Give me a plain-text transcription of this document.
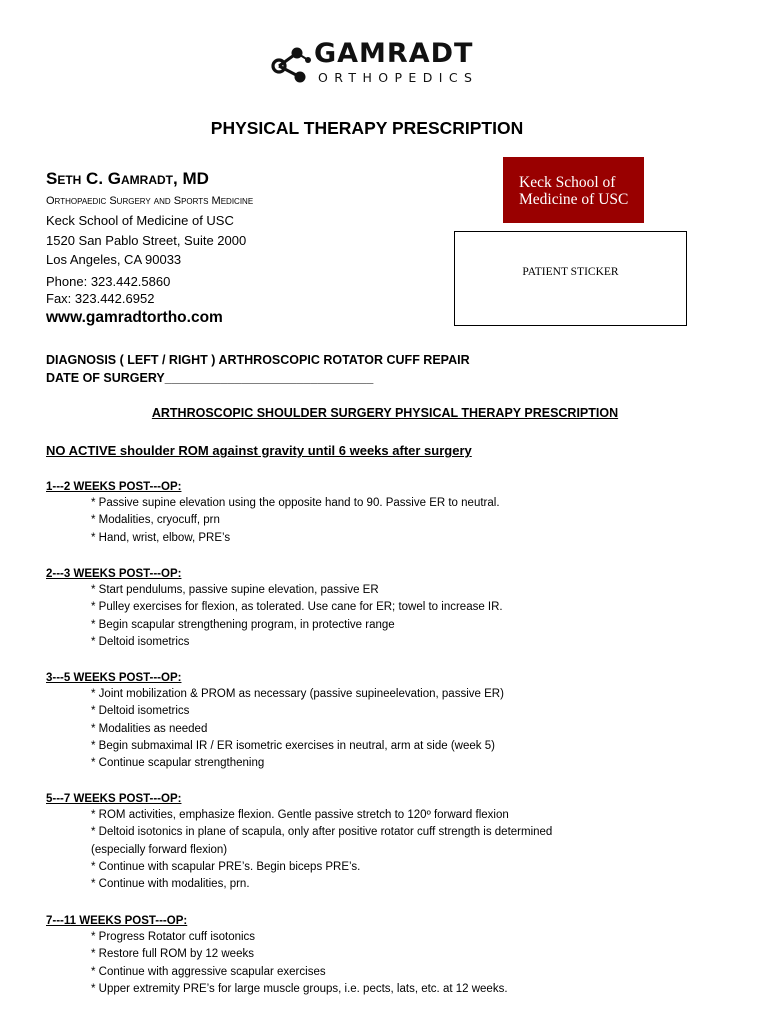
GAMRADT
ORTHOPEDICS
PHYSICAL THERAPY PRESCRIPTION
Seth C. Gamradt, MD
Orthopaedic Surgery and Sports Medicine
Keck School of Medicine of USC
1520 San Pablo Street, Suite 2000
Los Angeles, CA 90033
Phone: 323.442.5860
Fax: 323.442.6952
www.gamradtortho.com
Keck School of
Medicine of USC
PATIENT STICKER
DIAGNOSIS ( LEFT / RIGHT ) ARTHROSCOPIC ROTATOR CUFF REPAIR
DATE OF SURGERY______________________________
ARTHROSCOPIC SHOULDER SURGERY PHYSICAL THERAPY PRESCRIPTION
NO ACTIVE shoulder ROM against gravity until 6 weeks after surgery
1---2 WEEKS POST---OP:
* Passive supine elevation using the opposite hand to 90. Passive ER to neutral.
* Modalities, cryocuff, prn
* Hand, wrist, elbow, PRE’s
2---3 WEEKS POST---OP:
* Start pendulums, passive supine elevation, passive ER
* Pulley exercises for flexion, as tolerated. Use cane for ER; towel to increase IR.
* Begin scapular strengthening program, in protective range
* Deltoid isometrics
3---5 WEEKS POST---OP:
* Joint mobilization & PROM as necessary (passive supineelevation, passive ER)
* Deltoid isometrics
* Modalities as needed
* Begin submaximal IR / ER isometric exercises in neutral, arm at side (week 5)
* Continue scapular strengthening
5---7 WEEKS POST---OP:
* ROM activities, emphasize flexion. Gentle passive stretch to 120º forward flexion
* Deltoid isotonics in plane of scapula, only after positive rotator cuff strength is determined (especially forward flexion)
* Continue with scapular PRE’s. Begin biceps PRE’s.
* Continue with modalities, prn.
7---11 WEEKS POST---OP:
* Progress Rotator cuff isotonics
* Restore full ROM by 12 weeks
* Continue with aggressive scapular exercises
* Upper extremity PRE’s for large muscle groups, i.e. pects, lats, etc. at 12 weeks.
